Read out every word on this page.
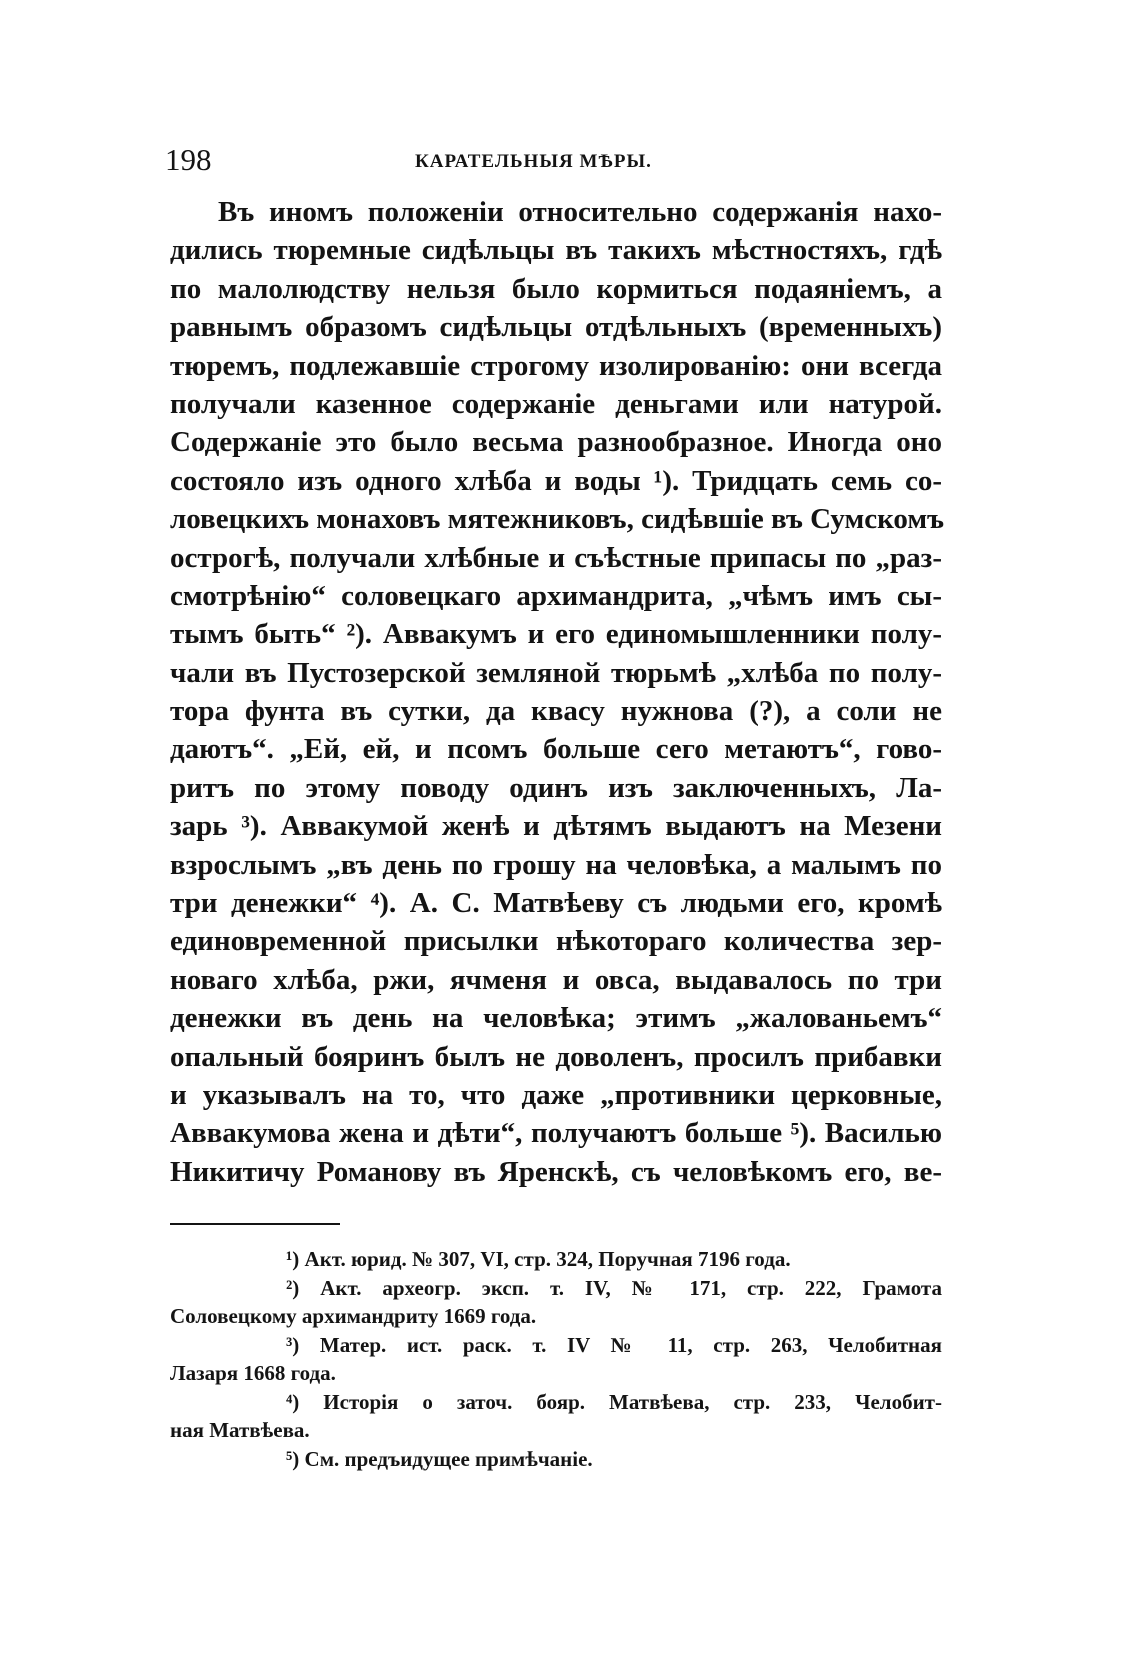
198	КАРАТЕЛЬНЫЯ МѢРЫ.
Въ иномъ положеніи относительно содержанія нахо-
дились тюремные сидѣльцы въ такихъ мѣстностяхъ, гдѣ
по малолюдству нельзя было кормиться подаяніемъ, а
равнымъ образомъ сидѣльцы отдѣльныхъ (временныхъ)
тюремъ, подлежавшіе строгому изолированію: они всегда
получали казенное содержаніе деньгами или натурой.
Содержаніе это было весьма разнообразное. Иногда оно
состояло изъ одного хлѣба и воды ¹). Тридцать семь со-
ловецкихъ монаховъ мятежниковъ, сидѣвшіе въ Сумскомъ
острогѣ, получали хлѣбные и съѣстные припасы по „раз-
смотрѣнію“ соловецкаго архимандрита, „чѣмъ имъ сы-
тымъ быть“ ²). Аввакумъ и его единомышленники полу-
чали въ Пустозерской земляной тюрьмѣ „хлѣба по полу-
тора фунта въ сутки, да квасу нужнова (?), а соли не
даютъ“. „Ей, ей, и псомъ больше сего метаютъ“, гово-
ритъ по этому поводу одинъ изъ заключенныхъ, Ла-
зарь ³). Аввакумой женѣ и дѣтямъ выдаютъ на Мезени
взрослымъ „въ день по грошу на человѣка, а малымъ по
три денежки“ ⁴). А. С. Матвѣеву съ людьми его, кромѣ
единовременной присылки нѣкотораго количества зер-
новаго хлѣба, ржи, ячменя и овса, выдавалось по три
денежки въ день на человѣка; этимъ „жалованьемъ“
опальный бояринъ былъ не доволенъ, просилъ прибавки
и указывалъ на то, что даже „противники церковные,
Аввакумова жена и дѣти“, получаютъ больше ⁵). Василью
Никитичу Романову въ Яренскѣ, съ человѣкомъ его, ве-
¹) Акт. юрид. № 307, VI, стр. 324, Поручная 7196 года.
²) Акт. археогр. эксп. т. IV, № 171, стр. 222, Грамота
Соловецкому архимандриту 1669 года.
³) Матер. ист. раск. т. IV № 11, стр. 263, Челобитная
Лазаря 1668 года.
⁴) Исторія о заточ. бояр. Матвѣева, стр. 233, Челобит-
ная Матвѣева.
⁵) См. предъидущее примѣчаніе.
